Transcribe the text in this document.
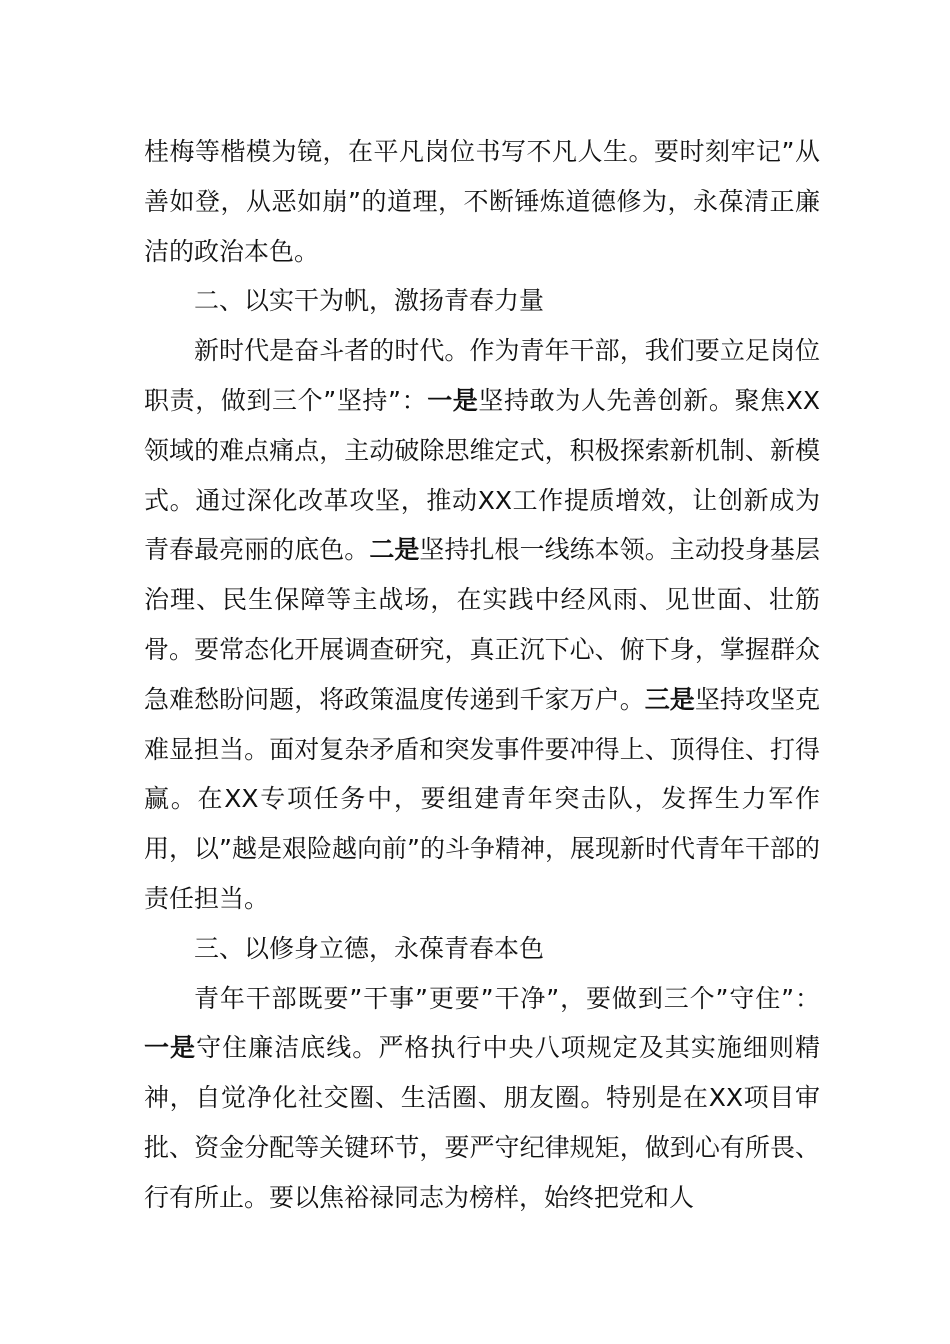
桂梅等楷模为镜，在平凡岗位书写不凡人生。要时刻牢记”从善如登，从恶如崩”的道理，不断锤炼道德修为，永葆清正廉洁的政治本色。

二、以实干为帆，激扬青春力量

新时代是奋斗者的时代。作为青年干部，我们要立足岗位职责，做到三个”坚持”：一是坚持敢为人先善创新。聚焦XX领域的难点痛点，主动破除思维定式，积极探索新机制、新模式。通过深化改革攻坚，推动XX工作提质增效，让创新成为青春最亮丽的底色。二是坚持扎根一线练本领。主动投身基层治理、民生保障等主战场，在实践中经风雨、见世面、壮筋骨。要常态化开展调查研究，真正沉下心、俯下身，掌握群众急难愁盼问题，将政策温度传递到千家万户。三是坚持攻坚克难显担当。面对复杂矛盾和突发事件要冲得上、顶得住、打得赢。在XX专项任务中，要组建青年突击队，发挥生力军作用，以”越是艰险越向前”的斗争精神，展现新时代青年干部的责任担当。

三、以修身立德，永葆青春本色

青年干部既要”干事”更要”干净”，要做到三个”守住”：一是守住廉洁底线。严格执行中央八项规定及其实施细则精神，自觉净化社交圈、生活圈、朋友圈。特别是在XX项目审批、资金分配等关键环节，要严守纪律规矩，做到心有所畏、行有所止。要以焦裕禄同志为榜样，始终把党和人
